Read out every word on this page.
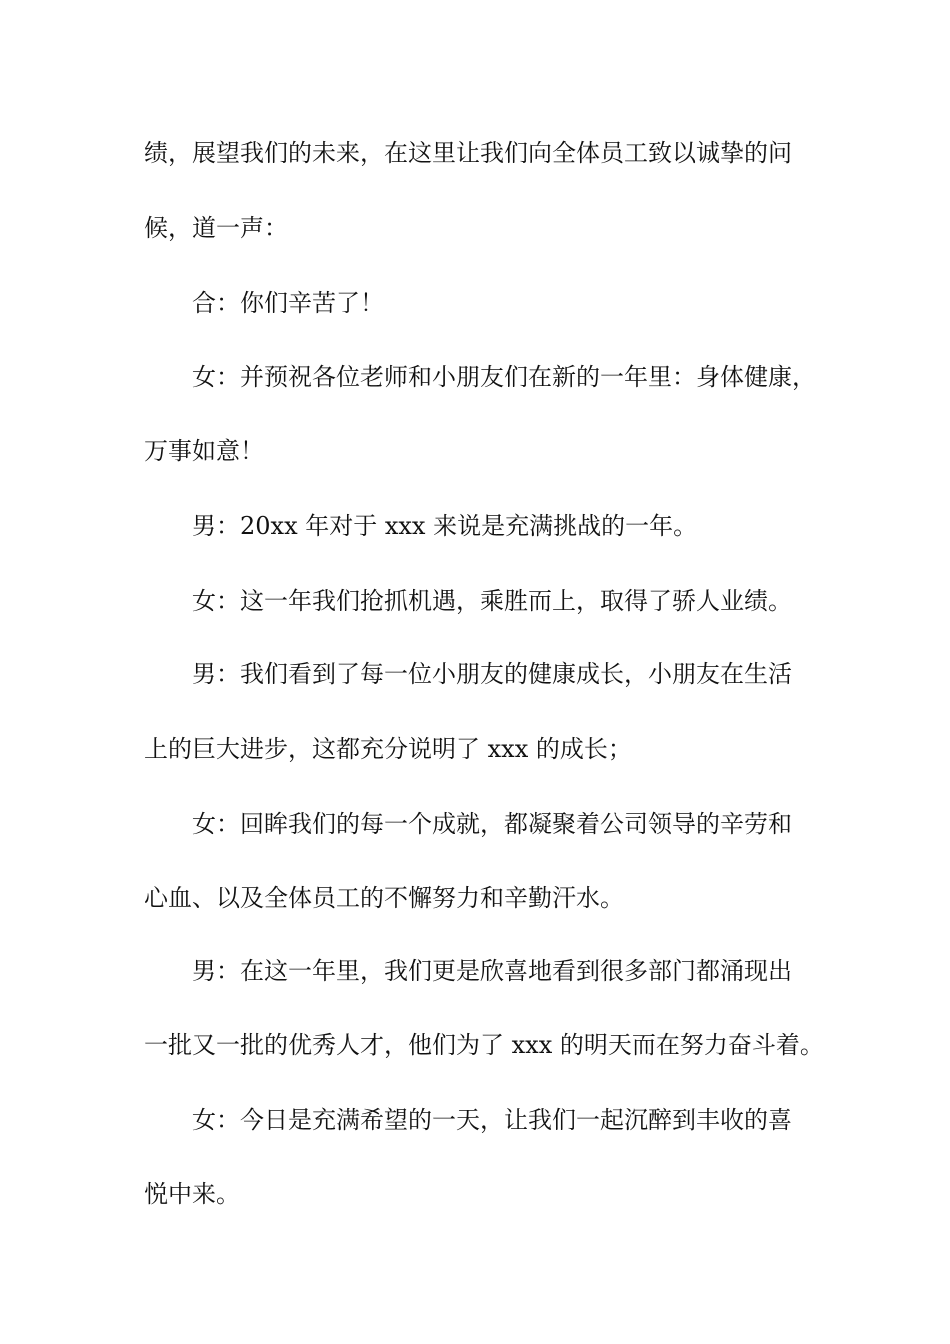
绩，展望我们的未来，在这里让我们向全体员工致以诚挚的问
候，道一声：
合：你们辛苦了！
女：并预祝各位老师和小朋友们在新的一年里：身体健康，
万事如意！
男：20xx 年对于 xxx 来说是充满挑战的一年。
女：这一年我们抢抓机遇，乘胜而上，取得了骄人业绩。
男：我们看到了每一位小朋友的健康成长，小朋友在生活
上的巨大进步，这都充分说明了 xxx 的成长；
女：回眸我们的每一个成就，都凝聚着公司领导的辛劳和
心血、以及全体员工的不懈努力和辛勤汗水。
男：在这一年里，我们更是欣喜地看到很多部门都涌现出
一批又一批的优秀人才，他们为了 xxx 的明天而在努力奋斗着。
女：今日是充满希望的一天，让我们一起沉醉到丰收的喜
悦中来。
